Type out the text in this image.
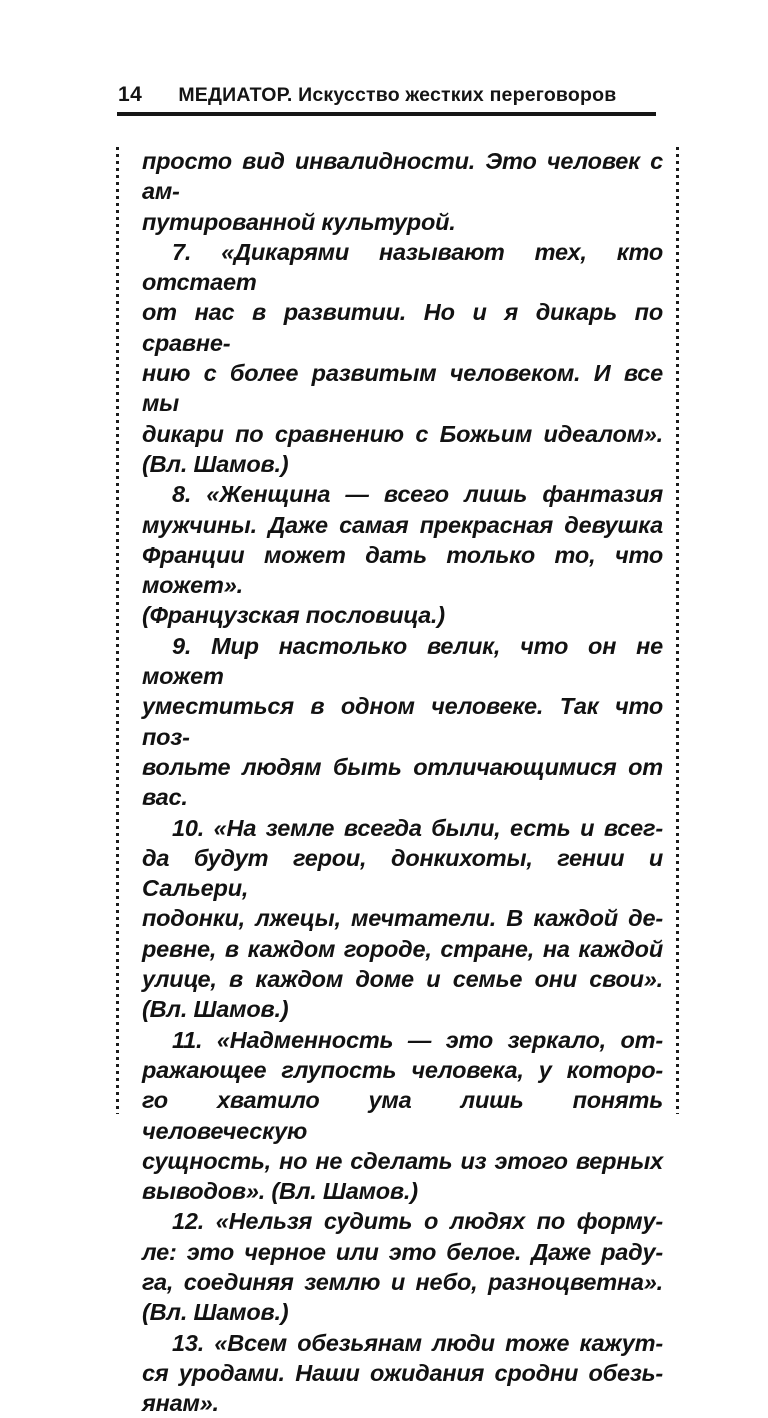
14 МЕДИАТОР. Искусство жестких переговоров
просто вид инвалидности. Это человек с ам-
путированной культурой.
7. «Дикарями называют тех, кто отстает
от нас в развитии. Но и я дикарь по сравне-
нию с более развитым человеком. И все мы
дикари по сравнению с Божьим идеалом».
(Вл. Шамов.)
8. «Женщина — всего лишь фантазия
мужчины. Даже самая прекрасная девушка
Франции может дать только то, что может».
(Французская пословица.)
9. Мир настолько велик, что он не может
уместиться в одном человеке. Так что поз-
вольте людям быть отличающимися от вас.
10. «На земле всегда были, есть и всег-
да будут герои, донкихоты, гении и Сальери,
подонки, лжецы, мечтатели. В каждой де-
ревне, в каждом городе, стране, на каждой
улице, в каждом доме и семье они свои».
(Вл. Шамов.)
11. «Надменность — это зеркало, от-
ражающее глупость человека, у которо-
го хватило ума лишь понять человеческую
сущность, но не сделать из этого верных
выводов». (Вл. Шамов.)
12. «Нельзя судить о людях по форму-
ле: это черное или это белое. Даже раду-
га, соединяя землю и небо, разноцветна».
(Вл. Шамов.)
13. «Всем обезьянам люди тоже кажут-
ся уродами. Наши ожидания сродни обезь-
янам».
